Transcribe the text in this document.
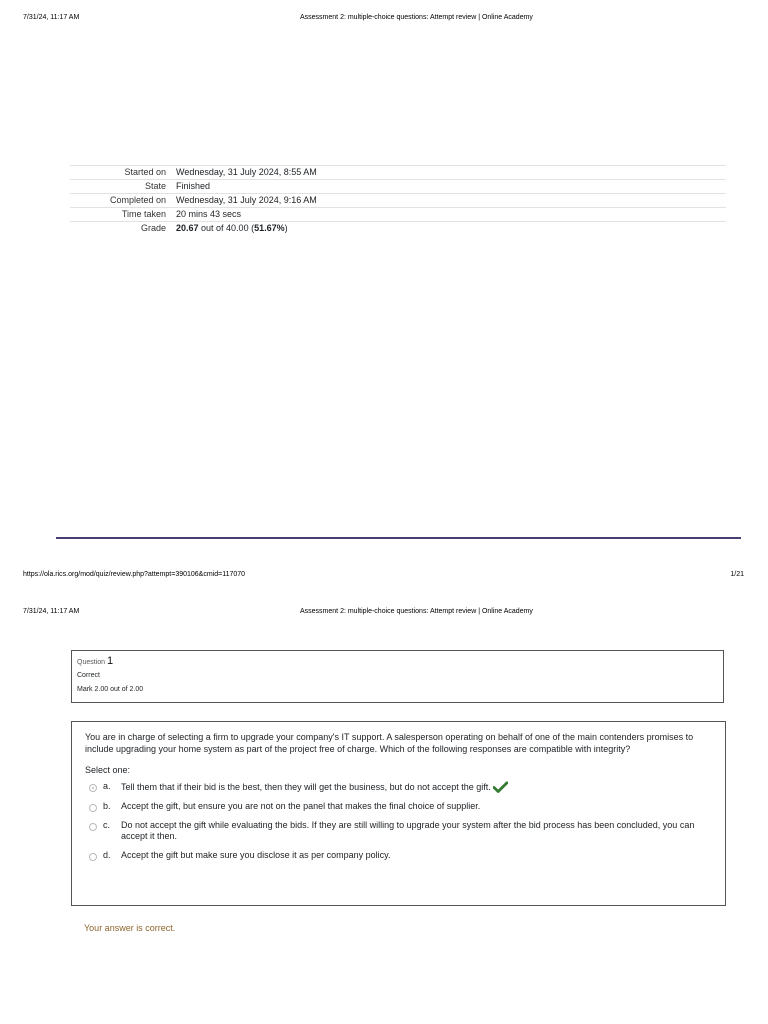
7/31/24, 11:17 AM	Assessment 2: multiple-choice questions: Attempt review | Online Academy
Started on	Wednesday, 31 July 2024, 8:55 AM
State	Finished
Completed on	Wednesday, 31 July 2024, 9:16 AM
Time taken	20 mins 43 secs
Grade	20.67 out of 40.00 (51.67%)
https://ola.rics.org/mod/quiz/review.php?attempt=390106&cmid=117070	1/21
7/31/24, 11:17 AM	Assessment 2: multiple-choice questions: Attempt review | Online Academy
Question 1
Correct
Mark 2.00 out of 2.00
You are in charge of selecting a firm to upgrade your company's IT support. A salesperson operating on behalf of one of the main contenders promises to include upgrading your home system as part of the project free of charge. Which of the following responses are compatible with integrity?
Select one:
a.	Tell them that if their bid is the best, then they will get the business, but do not accept the gift.
b.	Accept the gift, but ensure you are not on the panel that makes the final choice of supplier.
c.	Do not accept the gift while evaluating the bids. If they are still willing to upgrade your system after the bid process has been concluded, you can accept it then.
d.	Accept the gift but make sure you disclose it as per company policy.
Your answer is correct.
